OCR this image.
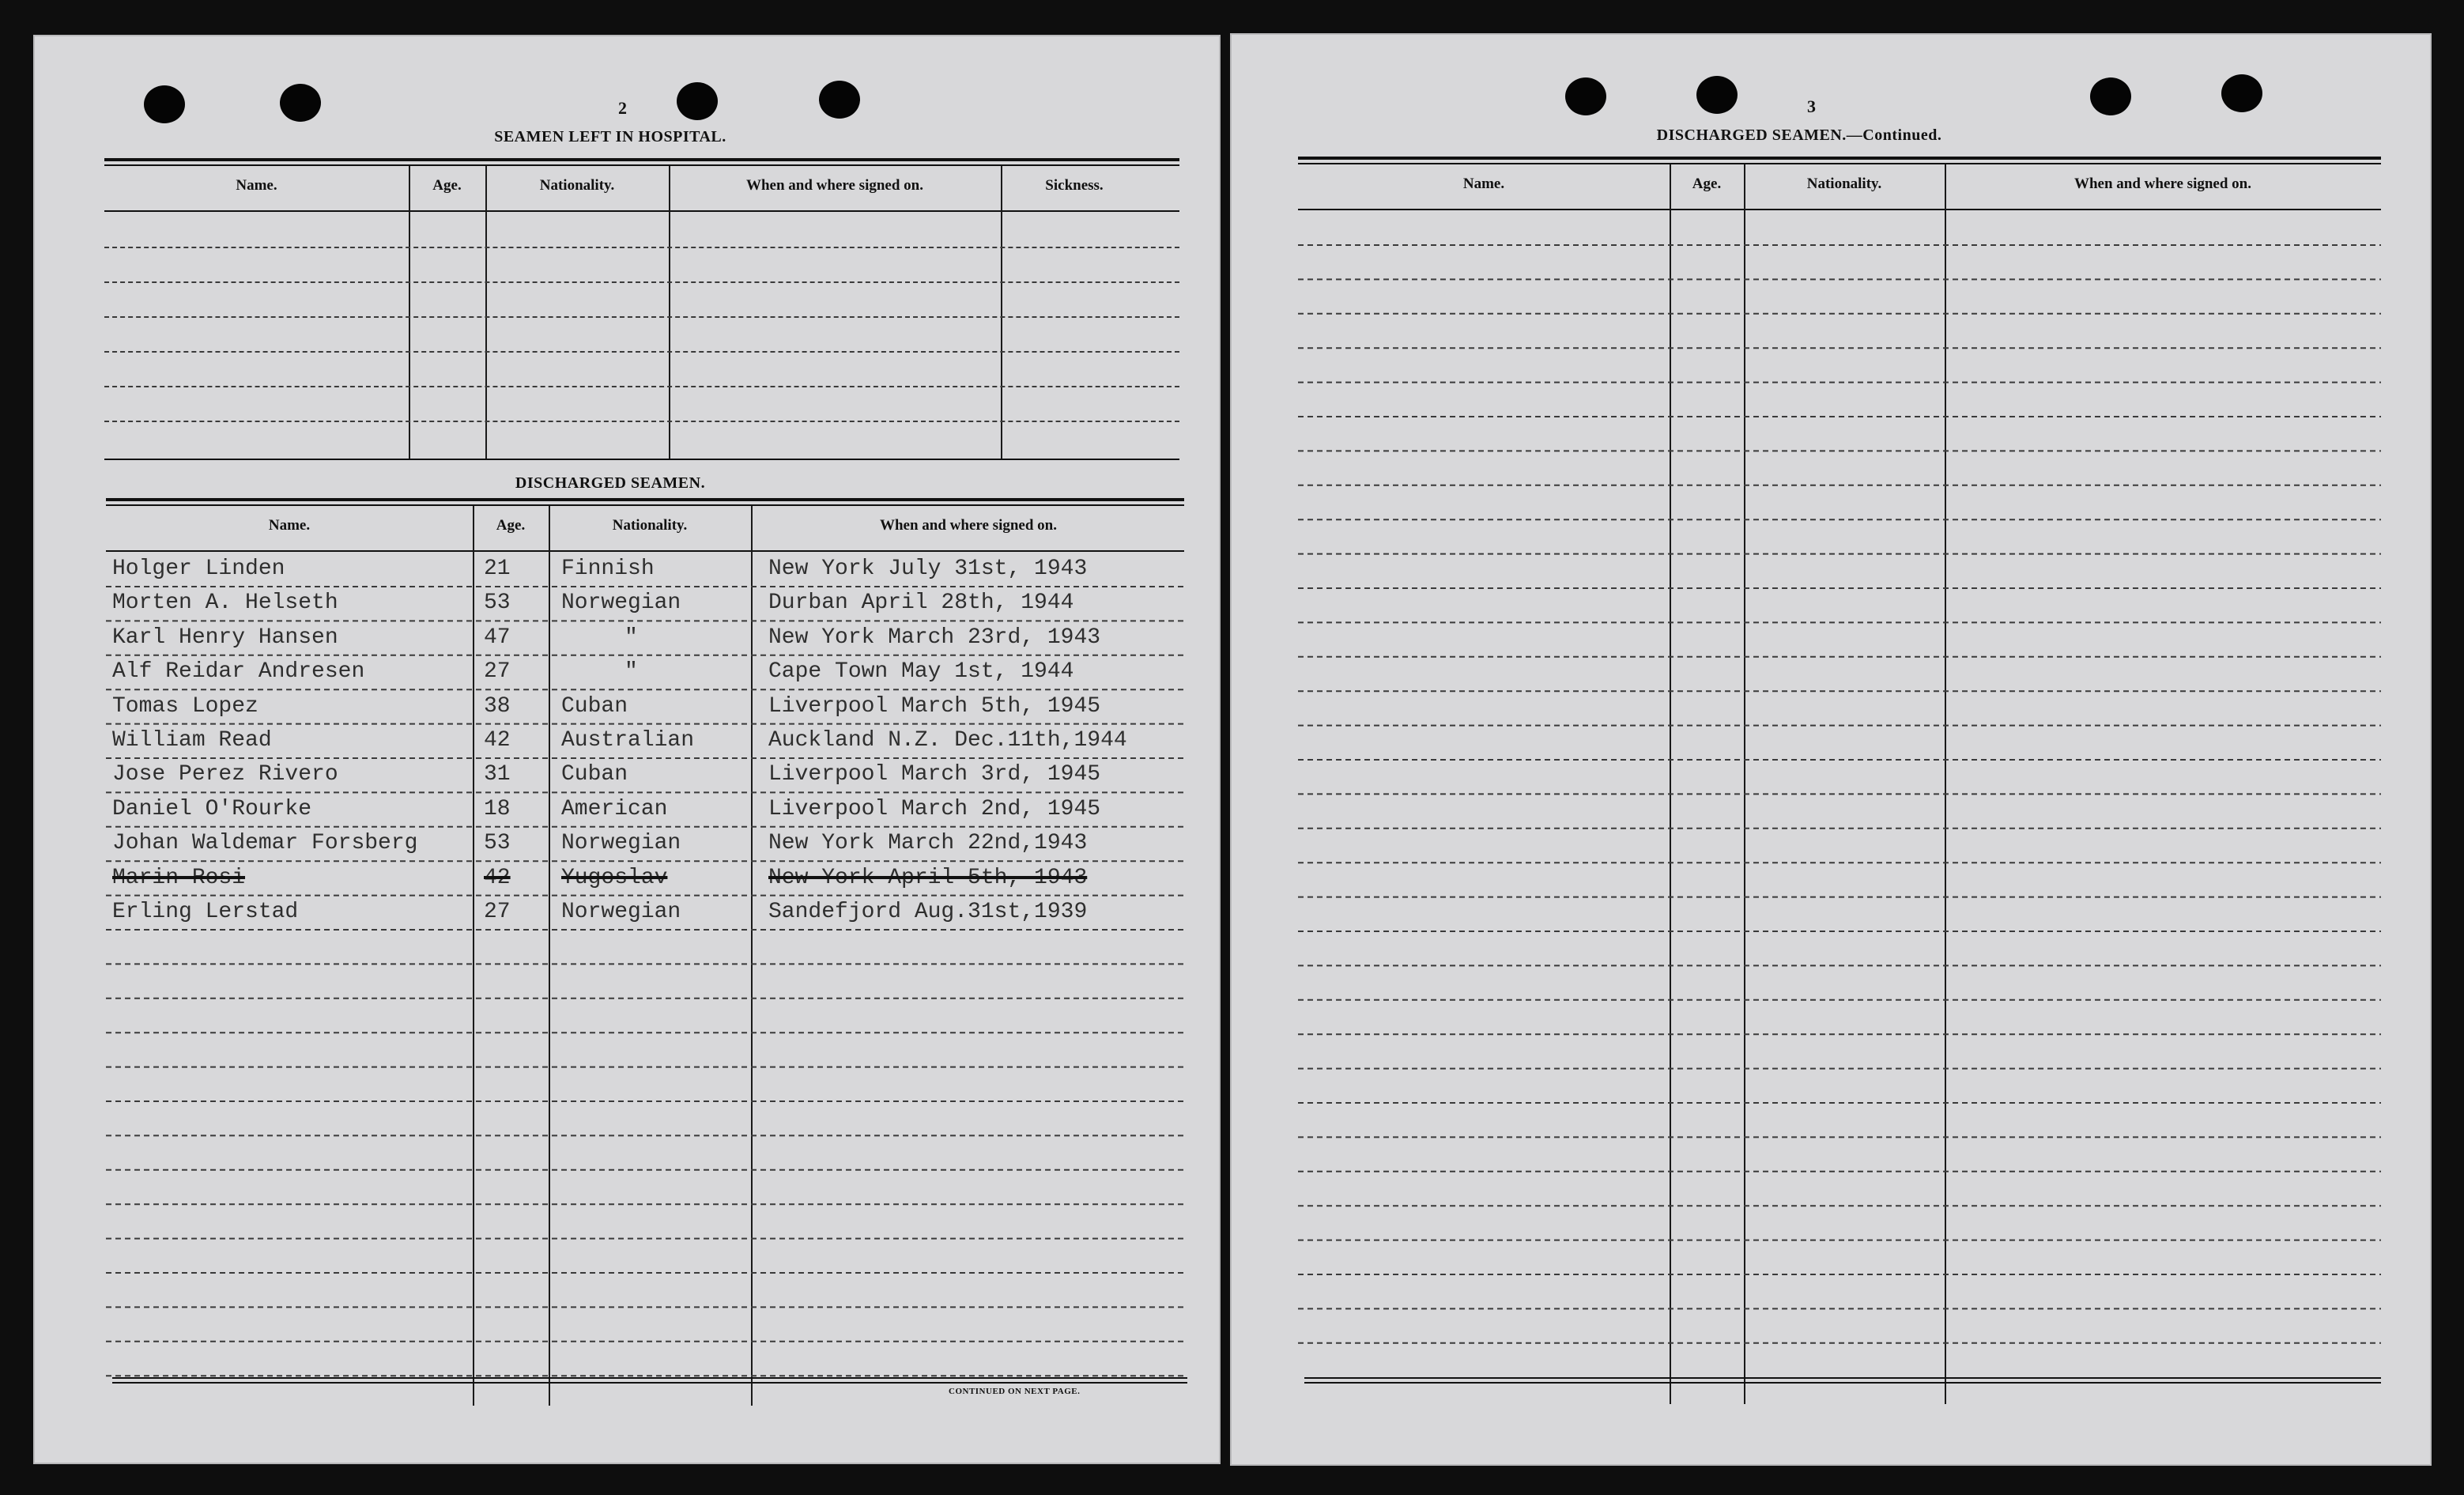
2
SEAMEN LEFT IN HOSPITAL.
Name.	Age.	Nationality.	When and where signed on.	Sickness.
DISCHARGED SEAMEN.
Name.	Age.	Nationality.	When and where signed on.
Holger Linden	21 Finnish	New York July 31st, 1943
Morten A. Helseth	53 Norwegian	Durban April 28th, 1944
Karl Henry Hansen	47	"	New York March 23rd, 1943
Alf Reidar Andresen	27	"	Cape Town May 1st, 1944
Tomas Lopez	38 Cuban	Liverpool March 5th, 1945
William Read	42 Australian	Auckland N.Z. Dec.11th,1944
Jose Perez Rivero	31 Cuban	Liverpool March 3rd, 1945
Daniel O'Rourke	18 American	Liverpool March 2nd, 1945
Johan Waldemar Forsberg	53 Norwegian	New York March 22nd,1943
Marin Rosi	42 Yugoslav	New York April 5th, 1943
Erling Lerstad	27 Norwegian	Sandefjord Aug.31st,1939
CONTINUED ON NEXT PAGE.
3
DISCHARGED SEAMEN.—Continued.
Name.	Age.	Nationality.	When and where signed on.
